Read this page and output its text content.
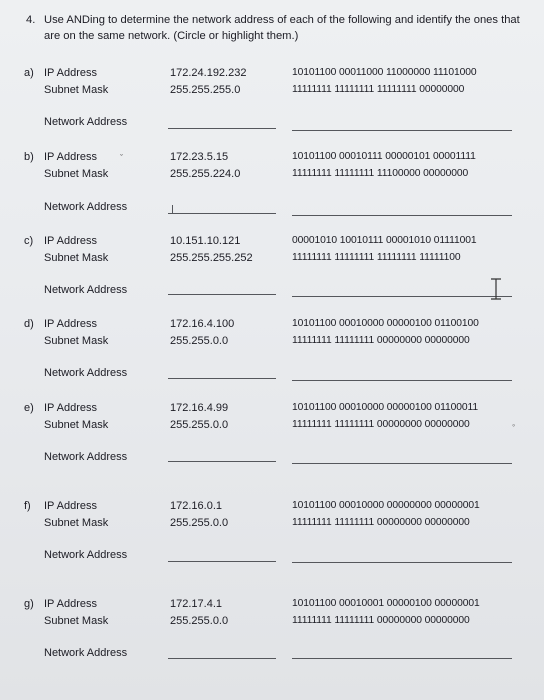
4. Use ANDing to determine the network address of each of the following and identify the ones that are on the same network. (Circle or highlight them.)
a) IP Address
Subnet Mask
172.24.192.232
255.255.255.0
10101100 00011000 11000000 11101000
11111111 11111111 11111111 00000000
Network Address
b) IP Address
Subnet Mask
172.23.5.15
255.255.224.0
10101100 00010111 00000101 00001111
11111111 11111111 11100000 00000000
ˇ
Network Address
c) IP Address
Subnet Mask
10.151.10.121
255.255.255.252
00001010 10010111 00001010 01111001
11111111 11111111 11111111 11111100
Network Address
d) IP Address
Subnet Mask
172.16.4.100
255.255.0.0
10101100 00010000 00000100 01100100
11111111 11111111 00000000 00000000
Network Address
e) IP Address
Subnet Mask
172.16.4.99
255.255.0.0
10101100 00010000 00000100 01100011
11111111 11111111 00000000 00000000	◦
Network Address
f) IP Address
Subnet Mask
172.16.0.1
255.255.0.0
10101100 00010000 00000000 00000001
11111111 11111111 00000000 00000000
Network Address
g) IP Address
Subnet Mask
172.17.4.1
255.255.0.0
10101100 00010001 00000100 00000001
11111111 11111111 00000000 00000000
Network Address
